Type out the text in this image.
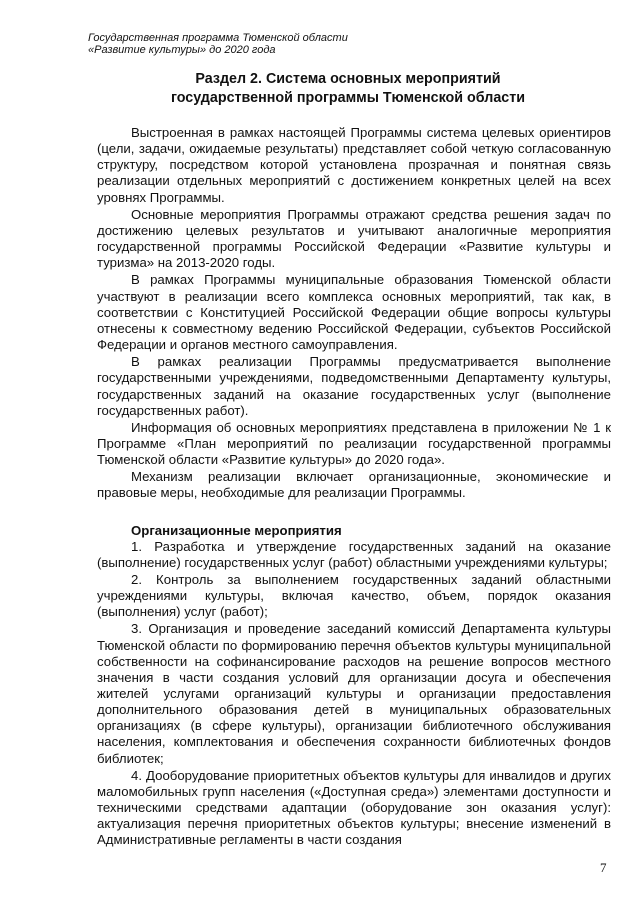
Государственная программа Тюменской области
«Развитие культуры» до 2020 года
Раздел 2. Система основных мероприятий
государственной программы Тюменской области

Выстроенная в рамках настоящей Программы система целевых ориентиров (цели, задачи, ожидаемые результаты) представляет собой четкую согласованную структуру, посредством которой установлена прозрачная и понятная связь реализации отдельных мероприятий с достижением конкретных целей на всех уровнях Программы.

Основные мероприятия Программы отражают средства решения задач по достижению целевых результатов и учитывают аналогичные мероприятия государственной программы Российской Федерации «Развитие культуры и туризма» на 2013-2020 годы.

В рамках Программы муниципальные образования Тюменской области участвуют в реализации всего комплекса основных мероприятий, так как, в соответствии с Конституцией Российской Федерации общие вопросы культуры отнесены к совместному ведению Российской Федерации, субъектов Российской Федерации и органов местного самоуправления.

В рамках реализации Программы предусматривается выполнение государственными учреждениями, подведомственными Департаменту культуры, государственных заданий на оказание государственных услуг (выполнение государственных работ).

Информация об основных мероприятиях представлена в приложении № 1 к Программе «План мероприятий по реализации государственной программы Тюменской области «Развитие культуры» до 2020 года».

Механизм реализации включает организационные, экономические и правовые меры, необходимые для реализации Программы.

Организационные мероприятия

1. Разработка и утверждение государственных заданий на оказание (выполнение) государственных услуг (работ) областными учреждениями культуры;

2. Контроль за выполнением государственных заданий областными учреждениями культуры, включая качество, объем, порядок оказания (выполнения) услуг (работ);

3. Организация и проведение заседаний комиссий Департамента культуры Тюменской области по формированию перечня объектов культуры муниципальной собственности на софинансирование расходов на решение вопросов местного значения в части создания условий для организации досуга и обеспечения жителей услугами организаций культуры и организации предоставления дополнительного образования детей в муниципальных образовательных организациях (в сфере культуры), организации библиотечного обслуживания населения, комплектования и обеспечения сохранности библиотечных фондов библиотек;

4. Дооборудование приоритетных объектов культуры для инвалидов и других маломобильных групп населения («Доступная среда») элементами доступности и техническими средствами адаптации (оборудование зон оказания услуг): актуализация перечня приоритетных объектов культуры; внесение изменений в Административные регламенты в части создания

7
